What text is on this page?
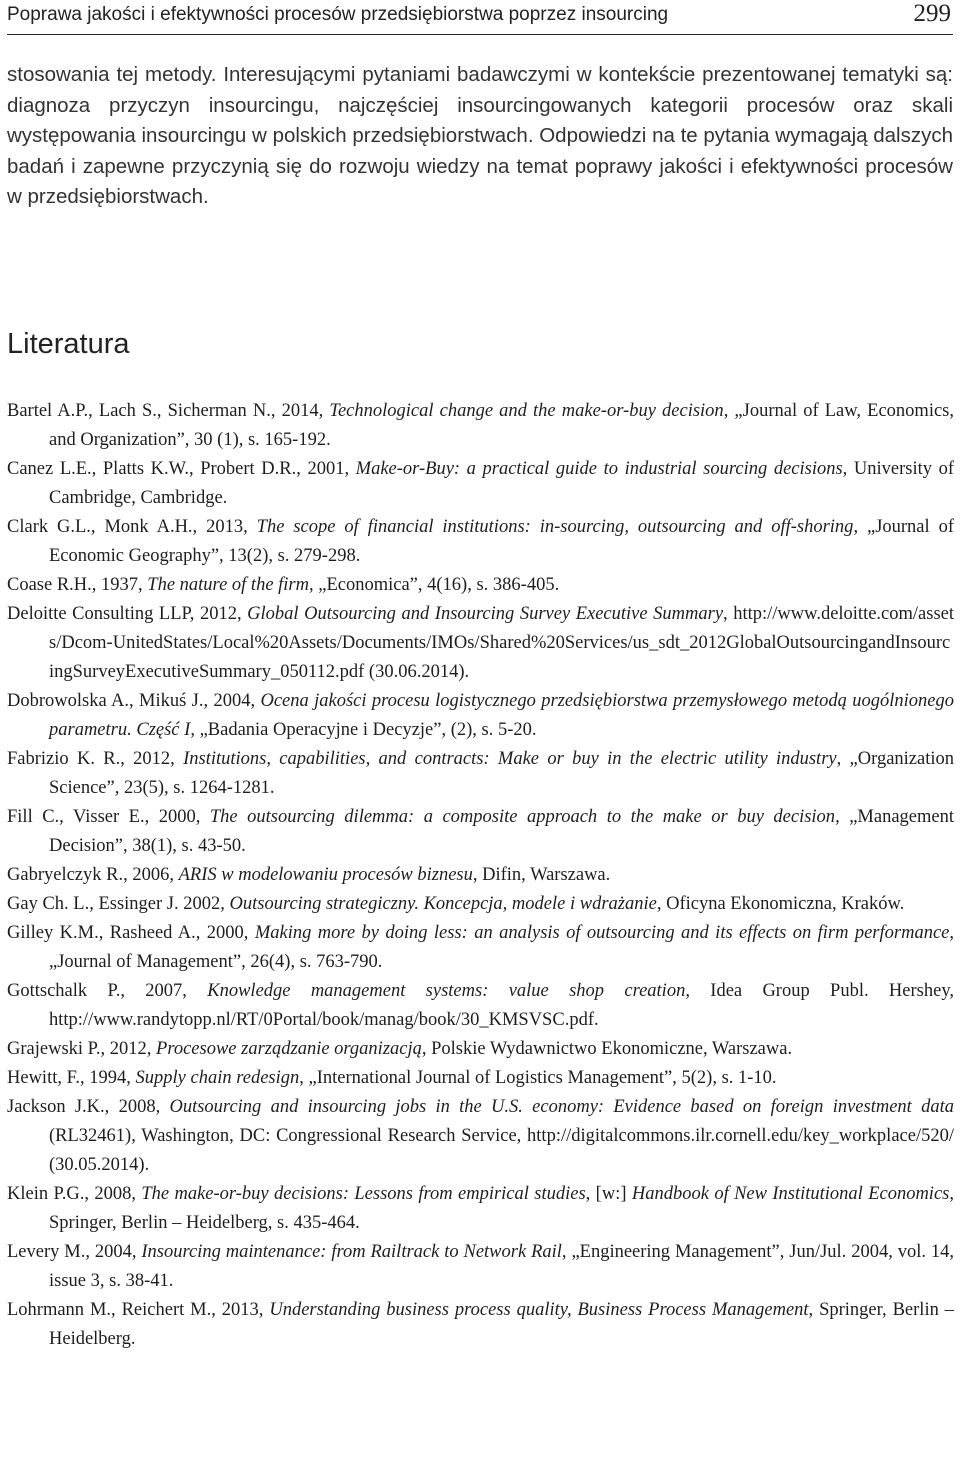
Poprawa jakości i efektywności procesów przedsiębiorstwa poprzez insourcing	299

stosowania tej metody. Interesującymi pytaniami badawczymi w kontekście prezentowanej tematyki są: diagnoza przyczyn insourcingu, najczęściej insourcingowanych kategorii procesów oraz skali występowania insourcingu w polskich przedsiębiorstwach. Odpowiedzi na te pytania wymagają dalszych badań i zapewne przyczynią się do rozwoju wiedzy na temat poprawy jakości i efektywności procesów w przedsiębiorstwach.

Literatura
Bartel A.P., Lach S., Sicherman N., 2014, Technological change and the make-or-buy decision, „Journal of Law, Economics, and Organization”, 30 (1), s. 165-192.
Canez L.E., Platts K.W., Probert D.R., 2001, Make-or-Buy: a practical guide to industrial sourcing decisions, University of Cambridge, Cambridge.
Clark G.L., Monk A.H., 2013, The scope of financial institutions: in-sourcing, outsourcing and off-shoring, „Journal of Economic Geography”, 13(2), s. 279-298.
Coase R.H., 1937, The nature of the firm, „Economica”, 4(16), s. 386-405.
Deloitte Consulting LLP, 2012, Global Outsourcing and Insourcing Survey Executive Summary, http://www.deloitte.com/assets/Dcom-UnitedStates/Local%20Assets/Documents/IMOs/Shared%20Services/us_sdt_2012GlobalOutsourcingandInsourcingSurveyExecutiveSummary_050112.pdf (30.06.2014).
Dobrowolska A., Mikuś J., 2004, Ocena jakości procesu logistycznego przedsiębiorstwa przemysłowego metodą uogólnionego parametru. Część I, „Badania Operacyjne i Decyzje”, (2), s. 5-20.
Fabrizio K. R., 2012, Institutions, capabilities, and contracts: Make or buy in the electric utility industry, „Organization Science”, 23(5), s. 1264-1281.
Fill C., Visser E., 2000, The outsourcing dilemma: a composite approach to the make or buy decision, „Management Decision”, 38(1), s. 43-50.
Gabryelczyk R., 2006, ARIS w modelowaniu procesów biznesu, Difin, Warszawa.
Gay Ch. L., Essinger J. 2002, Outsourcing strategiczny. Koncepcja, modele i wdrażanie, Oficyna Ekonomiczna, Kraków.
Gilley K.M., Rasheed A., 2000, Making more by doing less: an analysis of outsourcing and its effects on firm performance, „Journal of Management”, 26(4), s. 763-790.
Gottschalk P., 2007, Knowledge management systems: value shop creation, Idea Group Publ. Hershey, http://www.randytopp.nl/RT/0Portal/book/manag/book/30_KMSVSC.pdf.
Grajewski P., 2012, Procesowe zarządzanie organizacją, Polskie Wydawnictwo Ekonomiczne, Warszawa.
Hewitt, F., 1994, Supply chain redesign, „International Journal of Logistics Management”, 5(2), s. 1-10.
Jackson J.K., 2008, Outsourcing and insourcing jobs in the U.S. economy: Evidence based on foreign investment data (RL32461), Washington, DC: Congressional Research Service, http://digitalcommons.ilr.cornell.edu/key_workplace/520/ (30.05.2014).
Klein P.G., 2008, The make-or-buy decisions: Lessons from empirical studies, [w:] Handbook of New Institutional Economics, Springer, Berlin – Heidelberg, s. 435-464.
Levery M., 2004, Insourcing maintenance: from Railtrack to Network Rail, „Engineering Management”, Jun/Jul. 2004, vol. 14, issue 3, s. 38-41.
Lohrmann M., Reichert M., 2013, Understanding business process quality, Business Process Management, Springer, Berlin – Heidelberg.
